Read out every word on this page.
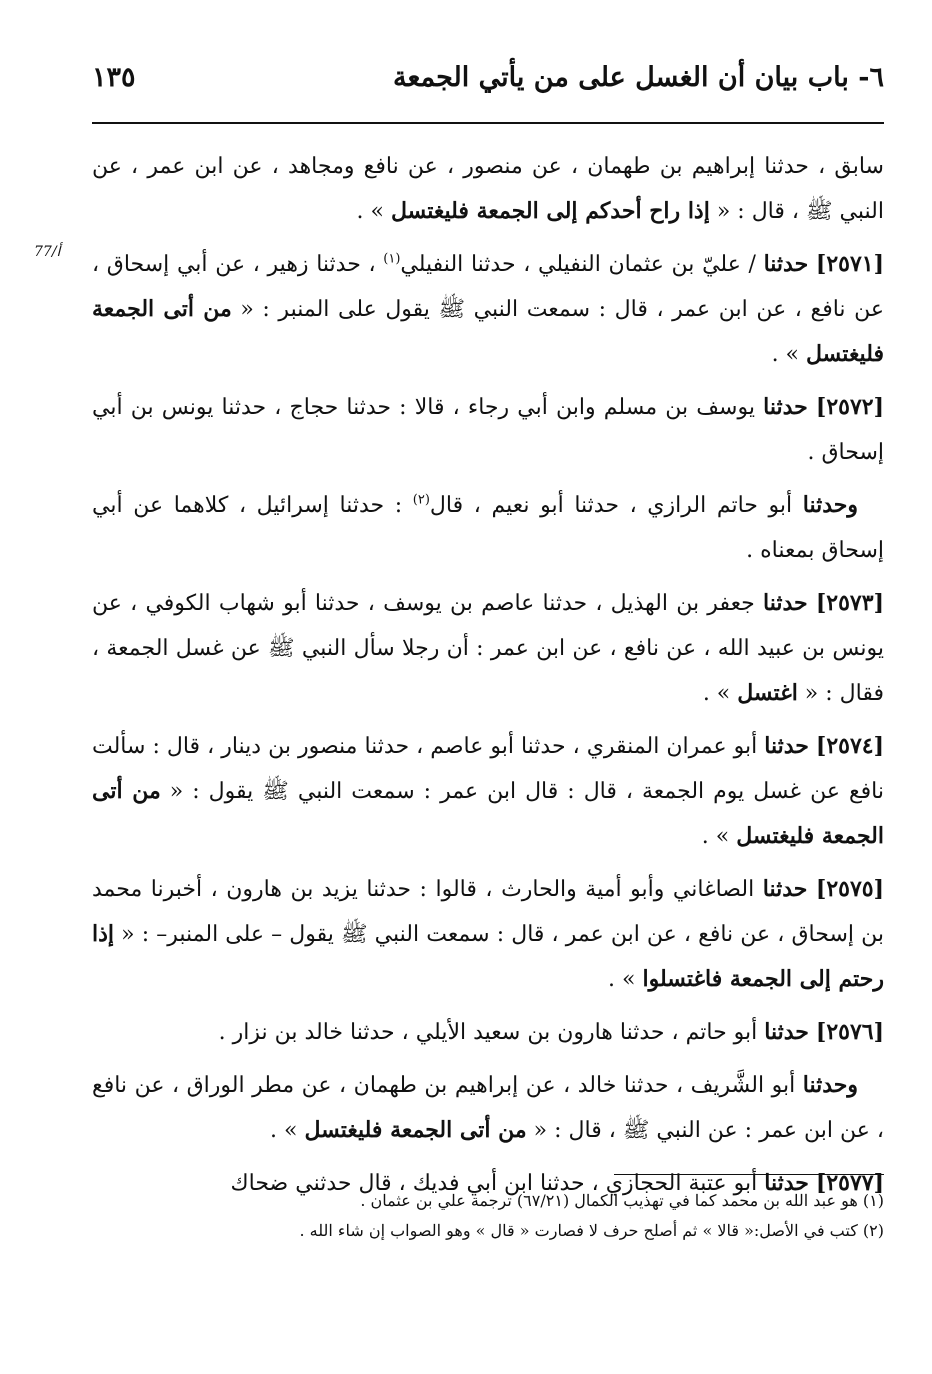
٦- باب بيان أن الغسل على من يأتي الجمعة
١٣٥
77/أ

سابق ، حدثنا إبراهيم بن طهمان ، عن منصور ، عن نافع ومجاهد ، عن ابن عمر ، عن النبي ﷺ ، قال : « إذا راح أحدكم إلى الجمعة فليغتسل » .

[٢٥٧١] حدثنا / عليّ بن عثمان النفيلي ، حدثنا النفيلي$^{(١)}$ ، حدثنا زهير ، عن أبي إسحاق ، عن نافع ، عن ابن عمر ، قال : سمعت النبي ﷺ يقول على المنبر : « من أتى الجمعة فليغتسل » .

[٢٥٧٢] حدثنا يوسف بن مسلم وابن أبي رجاء ، قالا : حدثنا حجاج ، حدثنا يونس بن أبي إسحاق .

وحدثنا أبو حاتم الرازي ، حدثنا أبو نعيم ، قال$^{(٢)}$ : حدثنا إسرائيل ، كلاهما عن أبي إسحاق بمعناه .

[٢٥٧٣] حدثنا جعفر بن الهذيل ، حدثنا عاصم بن يوسف ، حدثنا أبو شهاب الكوفي ، عن يونس بن عبيد الله ، عن نافع ، عن ابن عمر : أن رجلا سأل النبي ﷺ عن غسل الجمعة ، فقال : « اغتسل » .

[٢٥٧٤] حدثنا أبو عمران المنقري ، حدثنا أبو عاصم ، حدثنا منصور بن دينار ، قال : سألت نافع عن غسل يوم الجمعة ، قال : قال ابن عمر : سمعت النبي ﷺ يقول : « من أتى الجمعة فليغتسل » .

[٢٥٧٥] حدثنا الصاغاني وأبو أمية والحارث ، قالوا : حدثنا يزيد بن هارون ، أخبرنا محمد بن إسحاق ، عن نافع ، عن ابن عمر ، قال : سمعت النبي ﷺ يقول – على المنبر– : « إذا رحتم إلى الجمعة فاغتسلوا » .

[٢٥٧٦] حدثنا أبو حاتم ، حدثنا هارون بن سعيد الأيلي ، حدثنا خالد بن نزار .

وحدثنا أبو الشَّريف ، حدثنا خالد ، عن إبراهيم بن طهمان ، عن مطر الوراق ، عن نافع ، عن ابن عمر : عن النبي ﷺ ، قال : « من أتى الجمعة فليغتسل » .

[٢٥٧٧] حدثنا أبو عتبة الحجازي ، حدثنا ابن أبي فديك ، قال حدثني ضحاك

(١) هو عبد الله بن محمد كما في تهذيب الكمال (٦٧/٢١) ترجمة علي بن عثمان .

(٢) كتب في الأصل:« قالا » ثم أصلح حرف لا فصارت « قال » وهو الصواب إن شاء الله .
